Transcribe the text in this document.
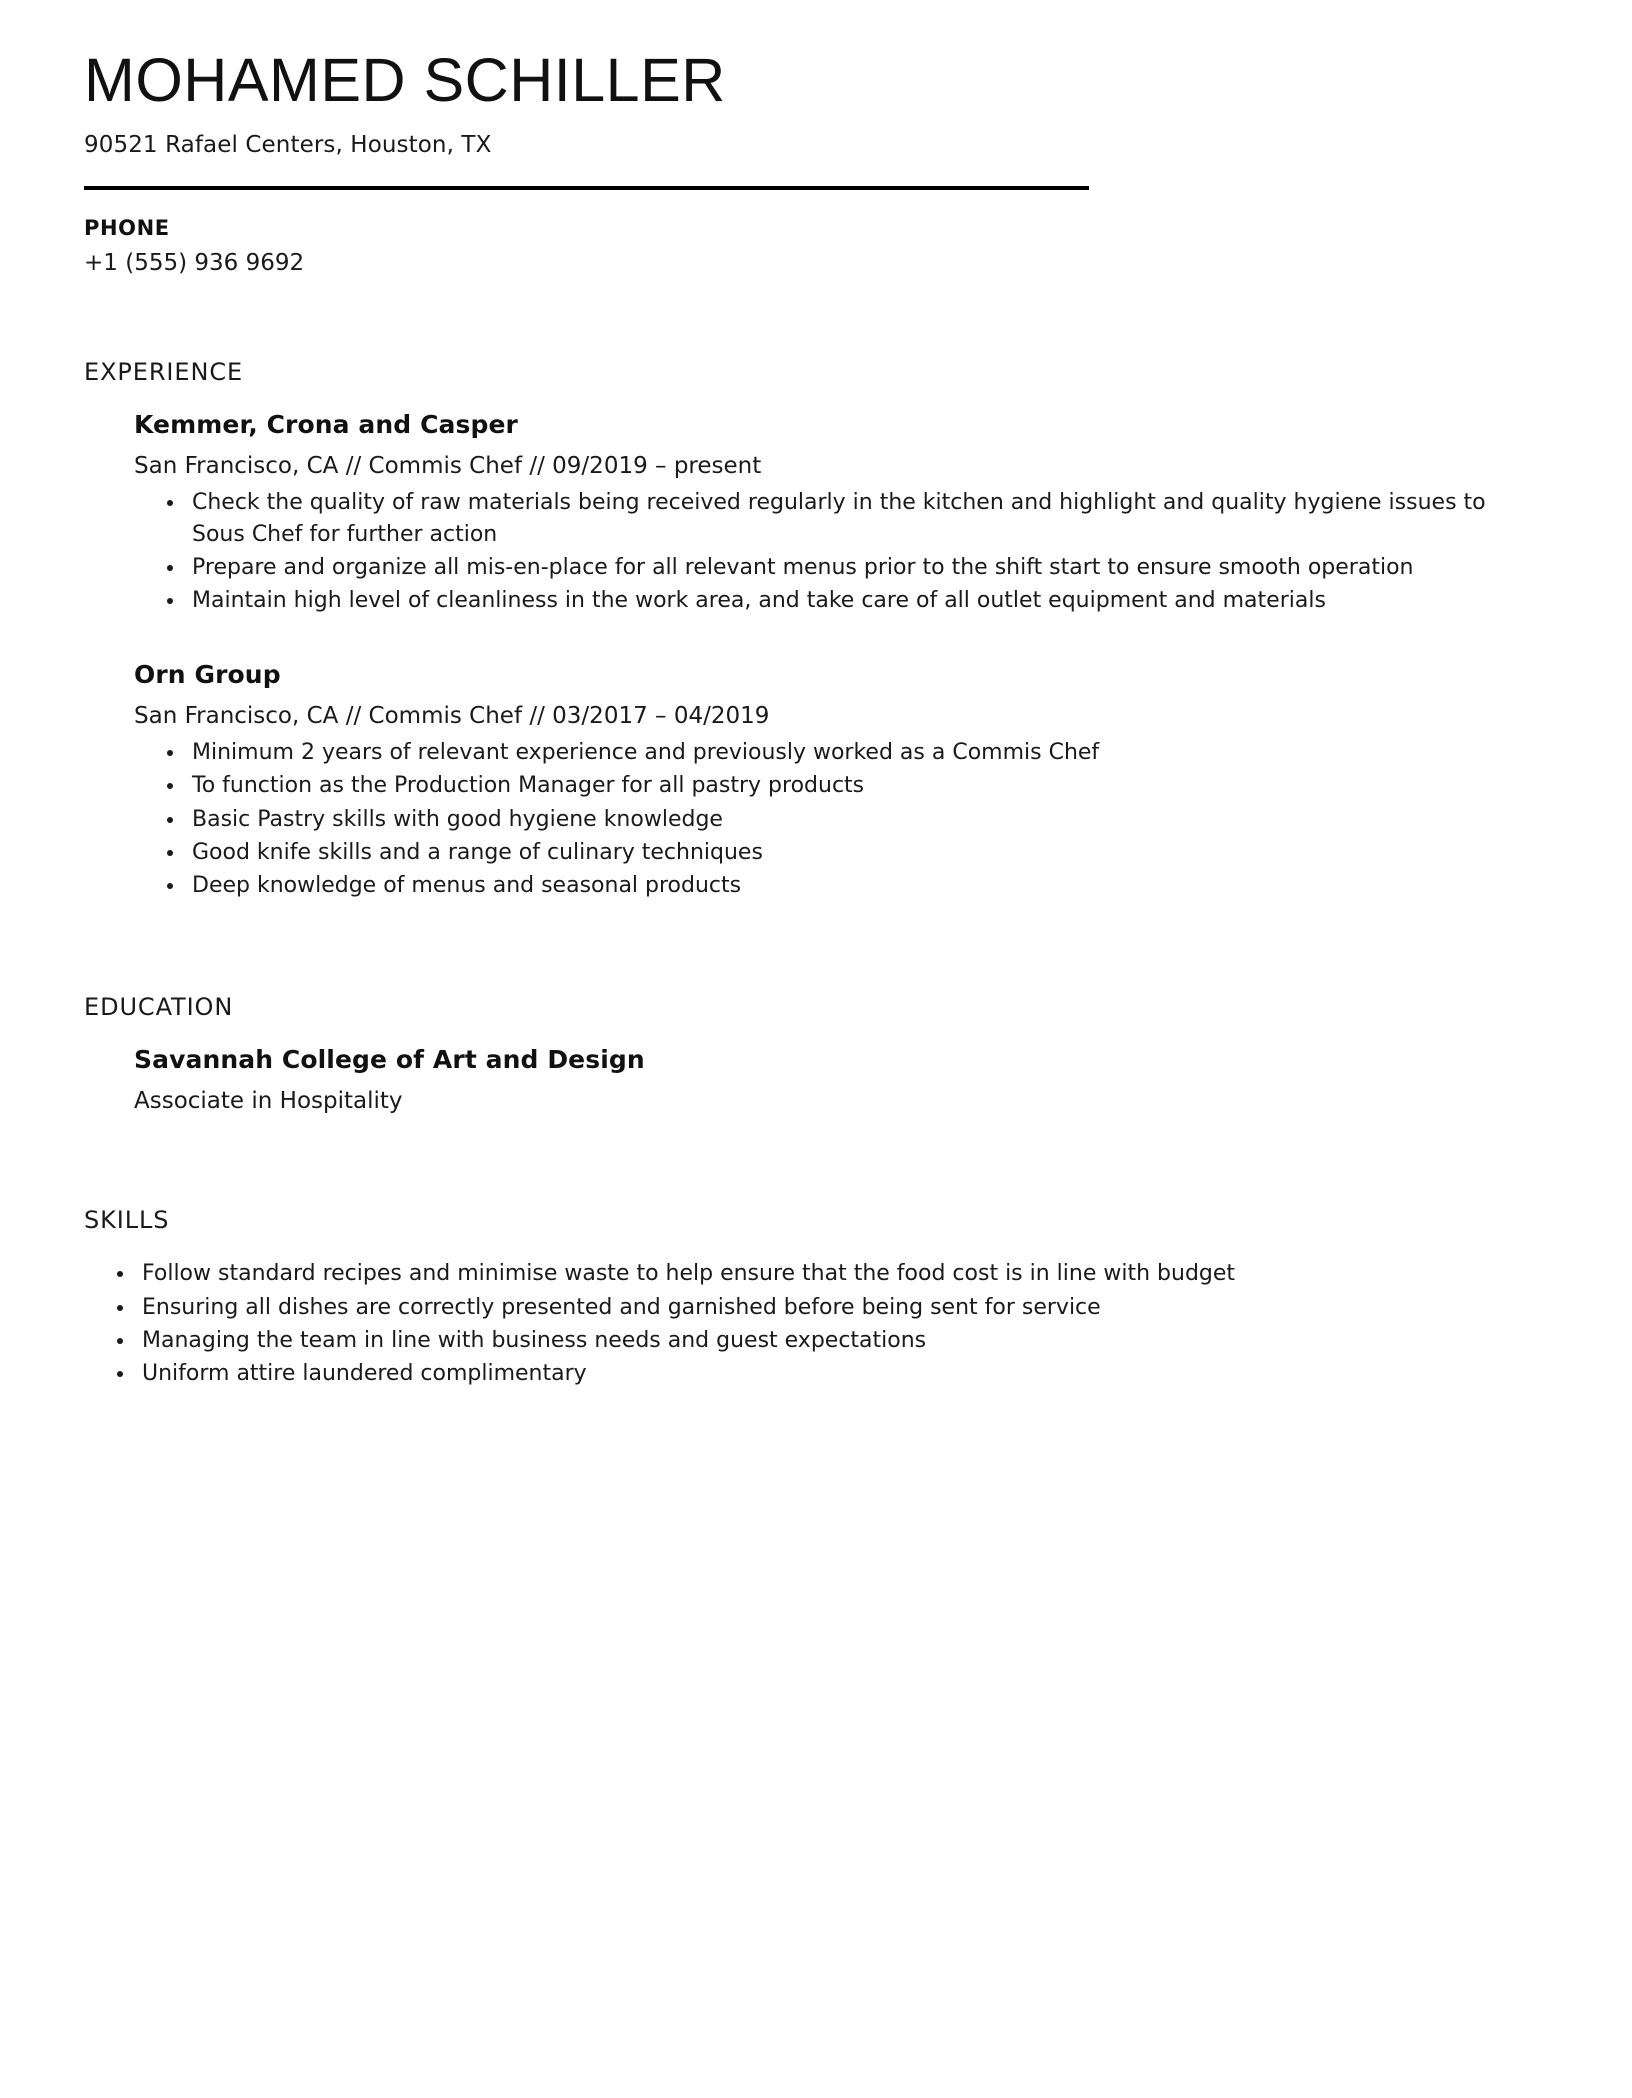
MOHAMED SCHILLER
90521 Rafael Centers, Houston, TX
PHONE
+1 (555) 936 9692
EXPERIENCE
Kemmer, Crona and Casper
San Francisco, CA // Commis Chef // 09/2019 – present
• Check the quality of raw materials being received regularly in the kitchen and highlight and quality hygiene issues to Sous Chef for further action
• Prepare and organize all mis-en-place for all relevant menus prior to the shift start to ensure smooth operation
• Maintain high level of cleanliness in the work area, and take care of all outlet equipment and materials
Orn Group
San Francisco, CA // Commis Chef // 03/2017 – 04/2019
• Minimum 2 years of relevant experience and previously worked as a Commis Chef
• To function as the Production Manager for all pastry products
• Basic Pastry skills with good hygiene knowledge
• Good knife skills and a range of culinary techniques
• Deep knowledge of menus and seasonal products
EDUCATION
Savannah College of Art and Design
Associate in Hospitality
SKILLS
• Follow standard recipes and minimise waste to help ensure that the food cost is in line with budget
• Ensuring all dishes are correctly presented and garnished before being sent for service
• Managing the team in line with business needs and guest expectations
• Uniform attire laundered complimentary
